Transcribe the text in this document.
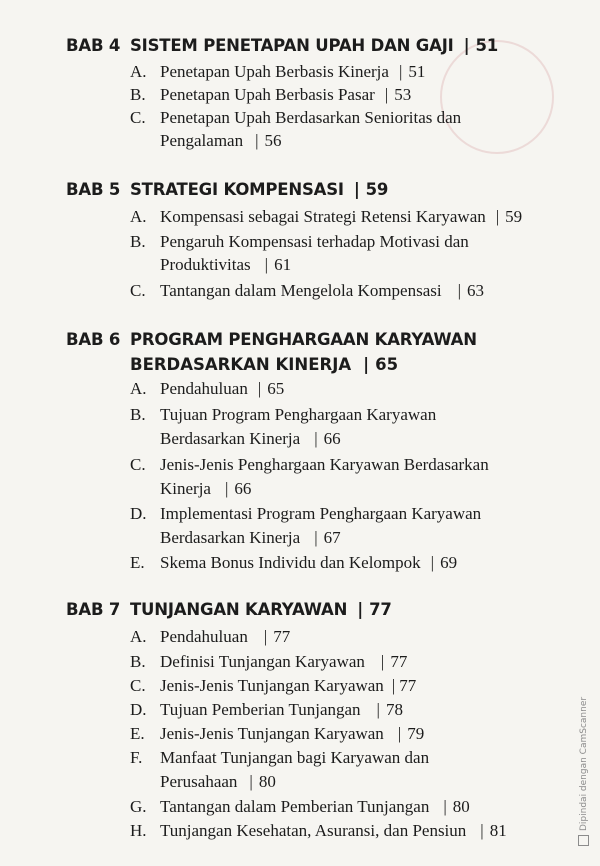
BAB 4 SISTEM PENETAPAN UPAH DAN GAJI | 51
A. Penetapan Upah Berbasis Kinerja | 51
B. Penetapan Upah Berbasis Pasar | 53
C. Penetapan Upah Berdasarkan Senioritas dan
Pengalaman | 56
BAB 5 STRATEGI KOMPENSASI | 59
A. Kompensasi sebagai Strategi Retensi Karyawan | 59
B. Pengaruh Kompensasi terhadap Motivasi dan
Produktivitas | 61
C. Tantangan dalam Mengelola Kompensasi | 63
BAB 6 PROGRAM PENGHARGAAN KARYAWAN
BERDASARKAN KINERJA | 65
A. Pendahuluan | 65
B. Tujuan Program Penghargaan Karyawan
Berdasarkan Kinerja | 66
C. Jenis-Jenis Penghargaan Karyawan Berdasarkan
Kinerja | 66
D. Implementasi Program Penghargaan Karyawan
Berdasarkan Kinerja | 67
E. Skema Bonus Individu dan Kelompok | 69
BAB 7 TUNJANGAN KARYAWAN | 77
A. Pendahuluan | 77
B. Definisi Tunjangan Karyawan | 77
C. Jenis-Jenis Tunjangan Karyawan | 77
D. Tujuan Pemberian Tunjangan | 78
E. Jenis-Jenis Tunjangan Karyawan | 79
F. Manfaat Tunjangan bagi Karyawan dan
Perusahaan | 80
G. Tantangan dalam Pemberian Tunjangan | 80
H. Tunjangan Kesehatan, Asuransi, dan Pensiun | 81	Dipindai dengan CamScanner
